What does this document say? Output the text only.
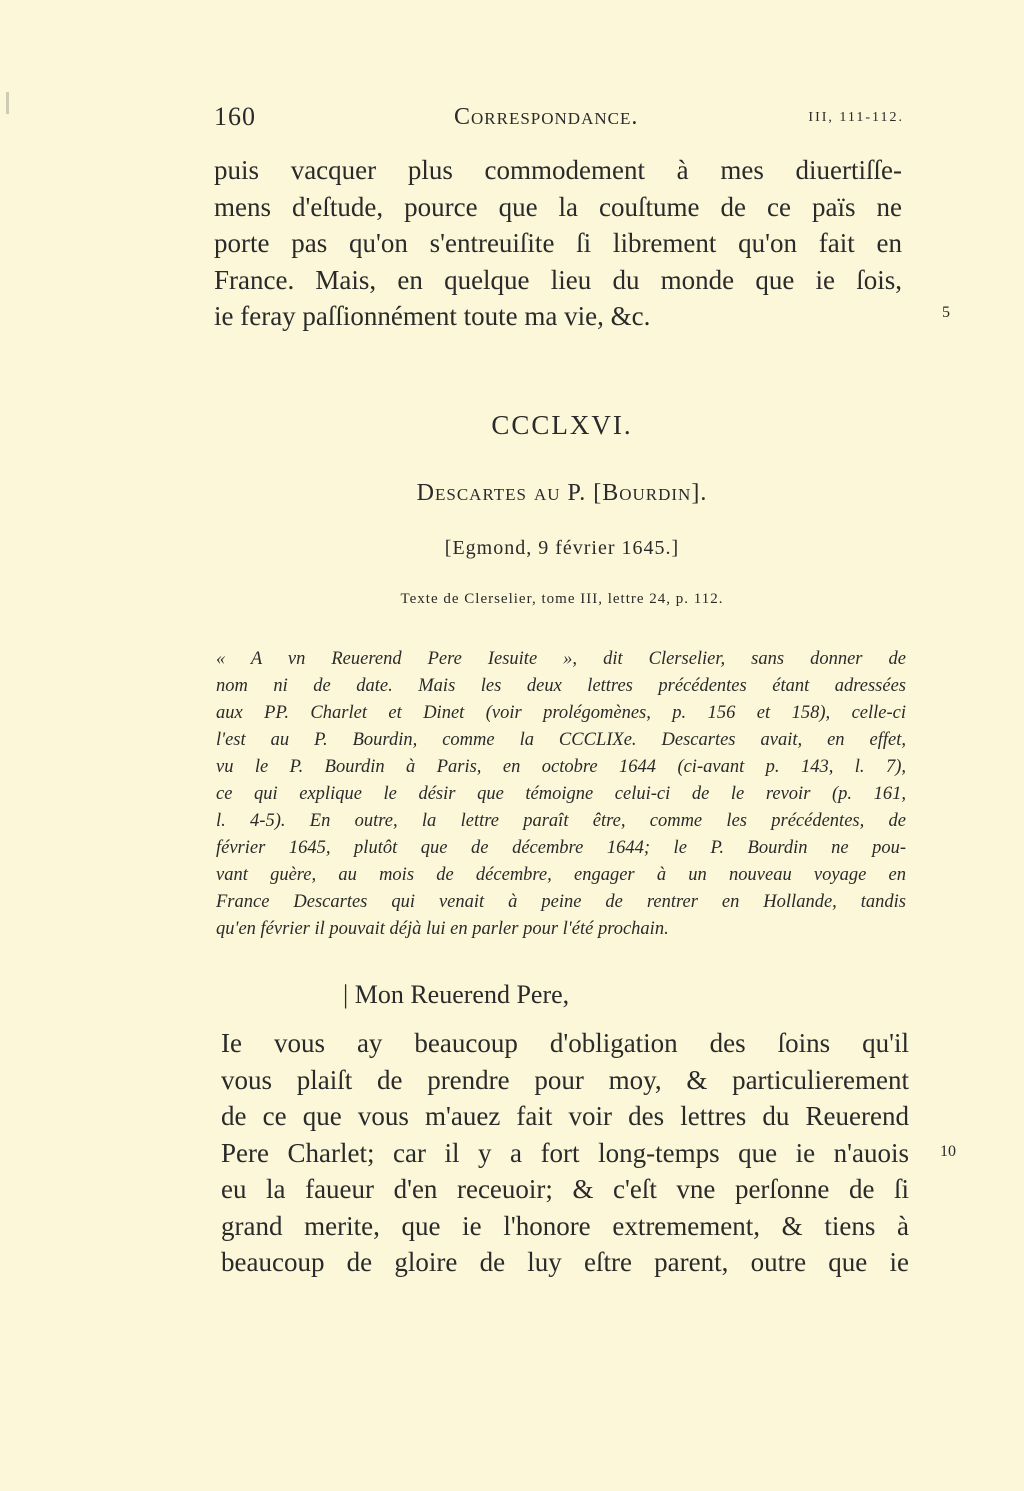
160	Correspondance.	III, 111-112.
puis vacquer plus commodement à mes diuertiſſe-
mens d'eſtude, pource que la couſtume de ce païs ne
porte pas qu'on s'entreuiſite ſi librement qu'on fait en
France. Mais, en quelque lieu du monde que ie ſois,
ie feray paſſionnément toute ma vie, &c.	5
CCCLXVI.
Descartes au P. [Bourdin].
[Egmond, 9 février 1645.]
Texte de Clerselier, tome III, lettre 24, p. 112.
« A vn Reuerend Pere Iesuite », dit Clerselier, sans donner de
nom ni de date. Mais les deux lettres précédentes étant adressées
aux PP. Charlet et Dinet (voir prolégomènes, p. 156 et 158), celle-ci
l'est au P. Bourdin, comme la CCCLIXe. Descartes avait, en effet,
vu le P. Bourdin à Paris, en octobre 1644 (ci-avant p. 143, l. 7),
ce qui explique le désir que témoigne celui-ci de le revoir (p. 161,
l. 4-5). En outre, la lettre paraît être, comme les précédentes, de
février 1645, plutôt que de décembre 1644; le P. Bourdin ne pou-
vant guère, au mois de décembre, engager à un nouveau voyage en
France Descartes qui venait à peine de rentrer en Hollande, tandis
qu'en février il pouvait déjà lui en parler pour l'été prochain.
| Mon Reuerend Pere,
Ie vous ay beaucoup d'obligation des ſoins qu'il
vous plaiſt de prendre pour moy, & particulierement
de ce que vous m'auez fait voir des lettres du Reuerend
Pere Charlet; car il y a fort long-temps que ie n'auois
eu la faueur d'en receuoir; & c'eſt vne perſonne de ſi
grand merite, que ie l'honore extremement, & tiens à
beaucoup de gloire de luy eſtre parent, outre que ie
10
